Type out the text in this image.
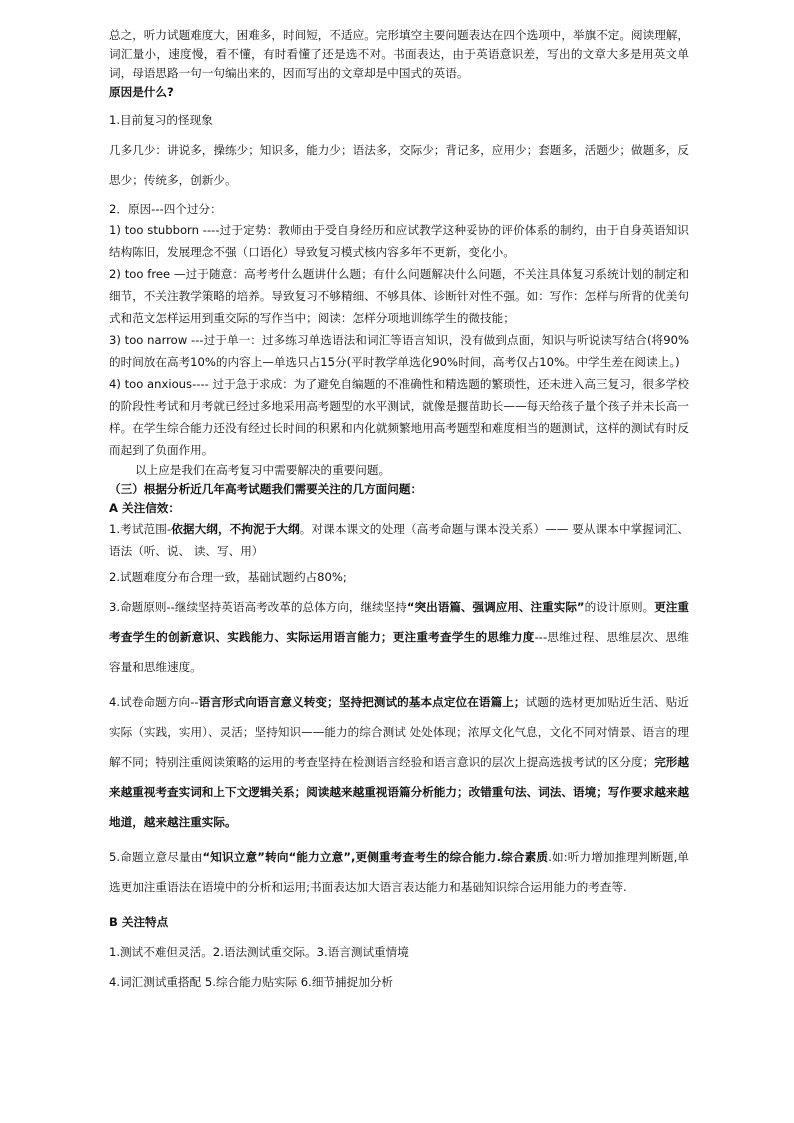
总之，听力试题难度大，困难多，时间短，不适应。完形填空主要问题表达在四个选项中，举旗不定。阅读理解，词汇量小，速度慢，看不懂，有时看懂了还是选不对。书面表达，由于英语意识差，写出的文章大多是用英文单词，母语思路一句一句编出来的，因而写出的文章却是中国式的英语。

原因是什么?

1.目前复习的怪现象

几多几少：讲说多，操练少；知识多，能力少；语法多，交际少；背记多，应用少；套题多，活题少；做题多，反思少；传统多，创新少。

2．原因---四个过分：

1) too stubborn ----过于定势：教师由于受自身经历和应试教学这种妥协的评价体系的制约，由于自身英语知识结构陈旧，发展理念不强（口语化）导致复习模式核内容多年不更新，变化小。

2) too free —过于随意：高考考什么题讲什么题；有什么问题解决什么问题，不关注具体复习系统计划的制定和细节，不关注教学策略的培养。导致复习不够精细、不够具体、诊断针对性不强。如：写作：怎样与所背的优美句式和范文怎样运用到重交际的写作当中；阅读：怎样分项地训练学生的微技能；

3) too narrow ---过于单一：过多练习单选语法和词汇等语言知识，没有做到点面，知识与听说读写结合(将90%的时间放在高考10%的内容上—单选只占15分(平时教学单选化90%时间，高考仅占10%。中学生差在阅读上。)

4) too anxious---- 过于急于求成：为了避免自编题的不准确性和精选题的繁琐性，还未进入高三复习，很多学校的阶段性考试和月考就已经过多地采用高考题型的水平测试，就像是揠苗助长——每天给孩子量个孩子并未长高一样。在学生综合能力还没有经过长时间的积累和内化就频繁地用高考题型和难度相当的题测试，这样的测试有时反而起到了负面作用。

以上应是我们在高考复习中需要解决的重要问题。

（三）根据分析近几年高考试题我们需要关注的几方面问题：

A 关注信效：

1.考试范围-依据大纲，不拘泥于大纲。对课本课文的处理（高考命题与课本没关系）—— 要从课本中掌握词汇、语法（听、说、 读、写、用）

2.试题难度分布合理一致，基础试题约占80%;

3.命题原则--继续坚持英语高考改革的总体方向，继续坚持“突出语篇、强调应用、注重实际”的设计原则。更注重考查学生的创新意识、实践能力、实际运用语言能力；更注重考查学生的思维力度---思维过程、思维层次、思维容量和思维速度。

4.试卷命题方向--语言形式向语言意义转变；坚持把测试的基本点定位在语篇上；试题的选材更加贴近生活、贴近实际（实践，实用）、灵活；坚持知识——能力的综合测试 处处体现；浓厚文化气息，文化不同对情景、语言的理解不同；特别注重阅读策略的运用的考查坚持在检测语言经验和语言意识的层次上提高选拔考试的区分度；完形越来越重视考查实词和上下文逻辑关系；阅读越来越重视语篇分析能力；改错重句法、词法、语境；写作要求越来越地道，越来越注重实际。

5.命题立意尽量由“知识立意”转向“能力立意”,更侧重考查考生的综合能力.综合素质.如:听力增加推理判断题,单选更加注重语法在语境中的分析和运用;书面表达加大语言表达能力和基础知识综合运用能力的考查等.

B 关注特点

1.测试不难但灵活。2.语法测试重交际。3.语言测试重情境

4.词汇测试重搭配 5.综合能力贴实际 6.细节捕捉加分析
